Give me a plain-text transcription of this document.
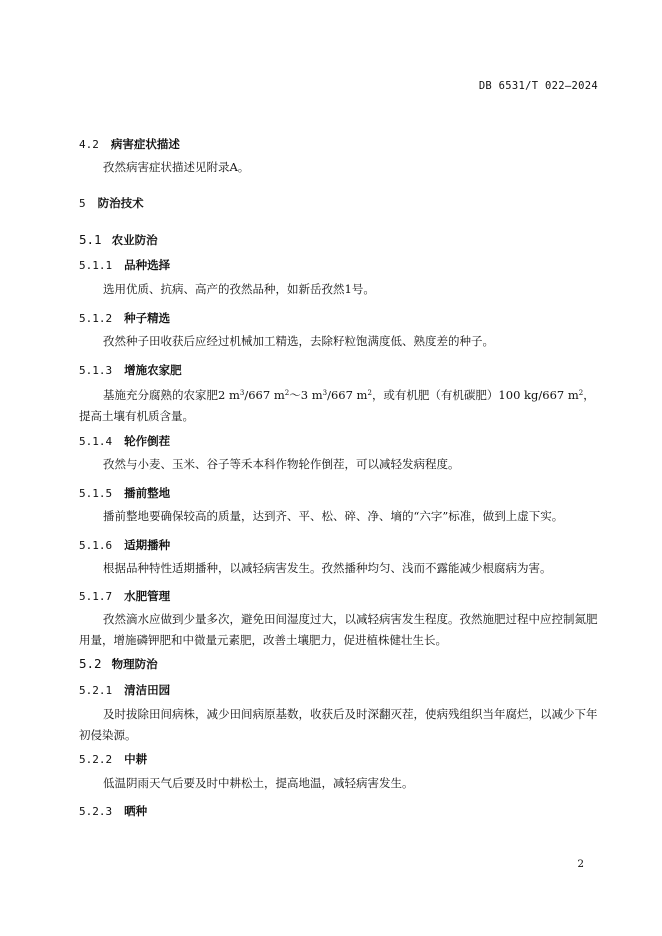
DB 6531/T 022—2024
4.2 病害症状描述
孜然病害症状描述见附录A。
5 防治技术
5.1 农业防治
5.1.1 品种选择
选用优质、抗病、高产的孜然品种，如新岳孜然1号。
5.1.2 种子精选
孜然种子田收获后应经过机械加工精选，去除籽粒饱满度低、熟度差的种子。
5.1.3 增施农家肥
基施充分腐熟的农家肥2 $m^3/667$ $m^2\sim 3$ $m^3/667$ $m^2$，或有机肥（有机碳肥）100 kg/667 $m^2$，提高土壤有机质含量。
5.1.4 轮作倒茬
孜然与小麦、玉米、谷子等禾本科作物轮作倒茬，可以减轻发病程度。
5.1.5 播前整地
播前整地要确保较高的质量，达到齐、平、松、碎、净、墒的“六字”标准，做到上虚下实。
5.1.6 适期播种
根据品种特性适期播种，以减轻病害发生。孜然播种均匀、浅而不露能减少根腐病为害。
5.1.7 水肥管理
孜然滴水应做到少量多次，避免田间湿度过大，以减轻病害发生程度。孜然施肥过程中应控制氮肥用量，增施磷钾肥和中微量元素肥，改善土壤肥力，促进植株健壮生长。
5.2 物理防治
5.2.1 清洁田园
及时拔除田间病株，减少田间病原基数，收获后及时深翻灭茬，使病残组织当年腐烂，以减少下年初侵染源。
5.2.2 中耕
低温阴雨天气后要及时中耕松土，提高地温，减轻病害发生。
5.2.3 晒种
2
